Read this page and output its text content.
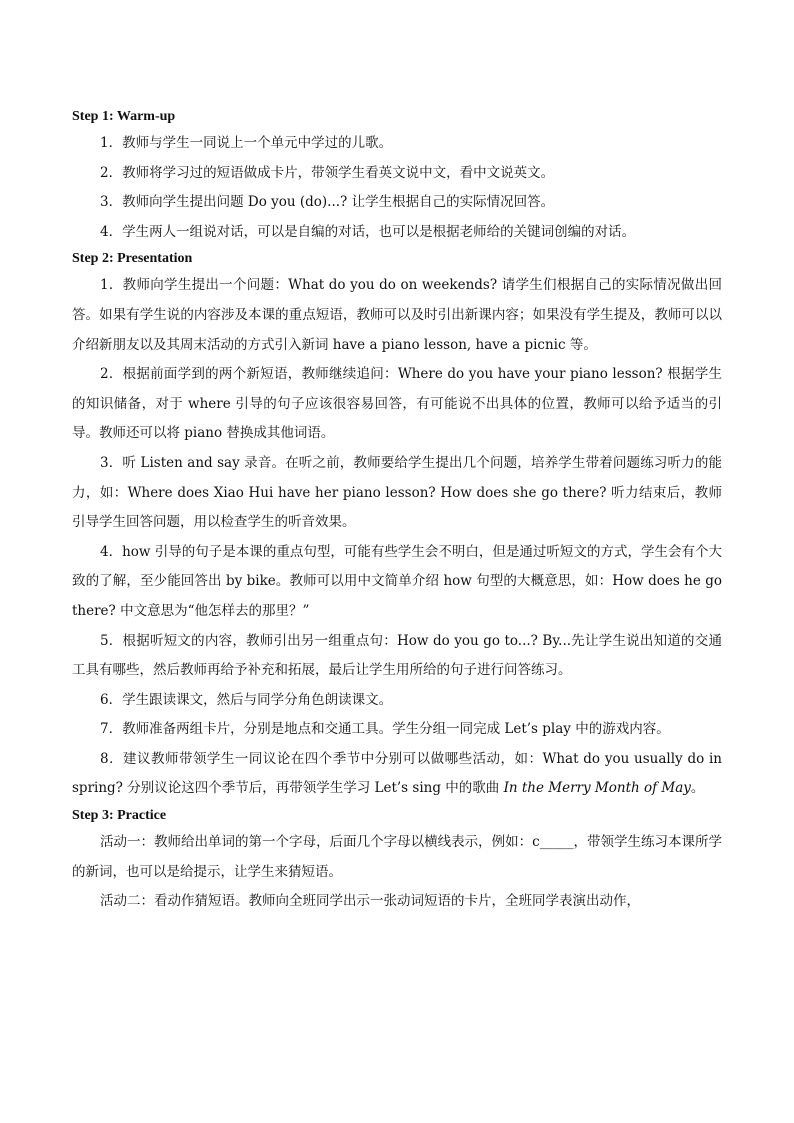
Step 1: Warm-up

1．教师与学生一同说上一个单元中学过的儿歌。

2．教师将学习过的短语做成卡片，带领学生看英文说中文，看中文说英文。

3．教师向学生提出问题 Do you (do)...? 让学生根据自己的实际情况回答。

4．学生两人一组说对话，可以是自编的对话，也可以是根据老师给的关键词创编的对话。

Step 2: Presentation

1．教师向学生提出一个问题：What do you do on weekends? 请学生们根据自己的实际情况做出回答。如果有学生说的内容涉及本课的重点短语，教师可以及时引出新课内容；如果没有学生提及，教师可以以介绍新朋友以及其周末活动的方式引入新词 have a piano lesson, have a picnic 等。

2．根据前面学到的两个新短语，教师继续追问：Where do you have your piano lesson? 根据学生的知识储备，对于 where 引导的句子应该很容易回答，有可能说不出具体的位置，教师可以给予适当的引导。教师还可以将 piano 替换成其他词语。

3．听 Listen and say 录音。在听之前，教师要给学生提出几个问题，培养学生带着问题练习听力的能力，如：Where does Xiao Hui have her piano lesson? How does she go there? 听力结束后，教师引导学生回答问题，用以检查学生的听音效果。

4．how 引导的句子是本课的重点句型，可能有些学生会不明白，但是通过听短文的方式，学生会有个大致的了解，至少能回答出 by bike。教师可以用中文简单介绍 how 句型的大概意思，如：How does he go there? 中文意思为“他怎样去的那里？”

5．根据听短文的内容，教师引出另一组重点句：How do you go to...? By...先让学生说出知道的交通工具有哪些，然后教师再给予补充和拓展，最后让学生用所给的句子进行问答练习。

6．学生跟读课文，然后与同学分角色朗读课文。

7．教师准备两组卡片，分别是地点和交通工具。学生分组一同完成 Let’s play 中的游戏内容。

8．建议教师带领学生一同议论在四个季节中分别可以做哪些活动，如：What do you usually do in spring? 分别议论这四个季节后，再带领学生学习 Let’s sing 中的歌曲 In the Merry Month of May。

Step 3: Practice

活动一：教师给出单词的第一个字母，后面几个字母以横线表示，例如：c_____，带领学生练习本课所学的新词，也可以是给提示，让学生来猜短语。

活动二：看动作猜短语。教师向全班同学出示一张动词短语的卡片，全班同学表演出动作，
